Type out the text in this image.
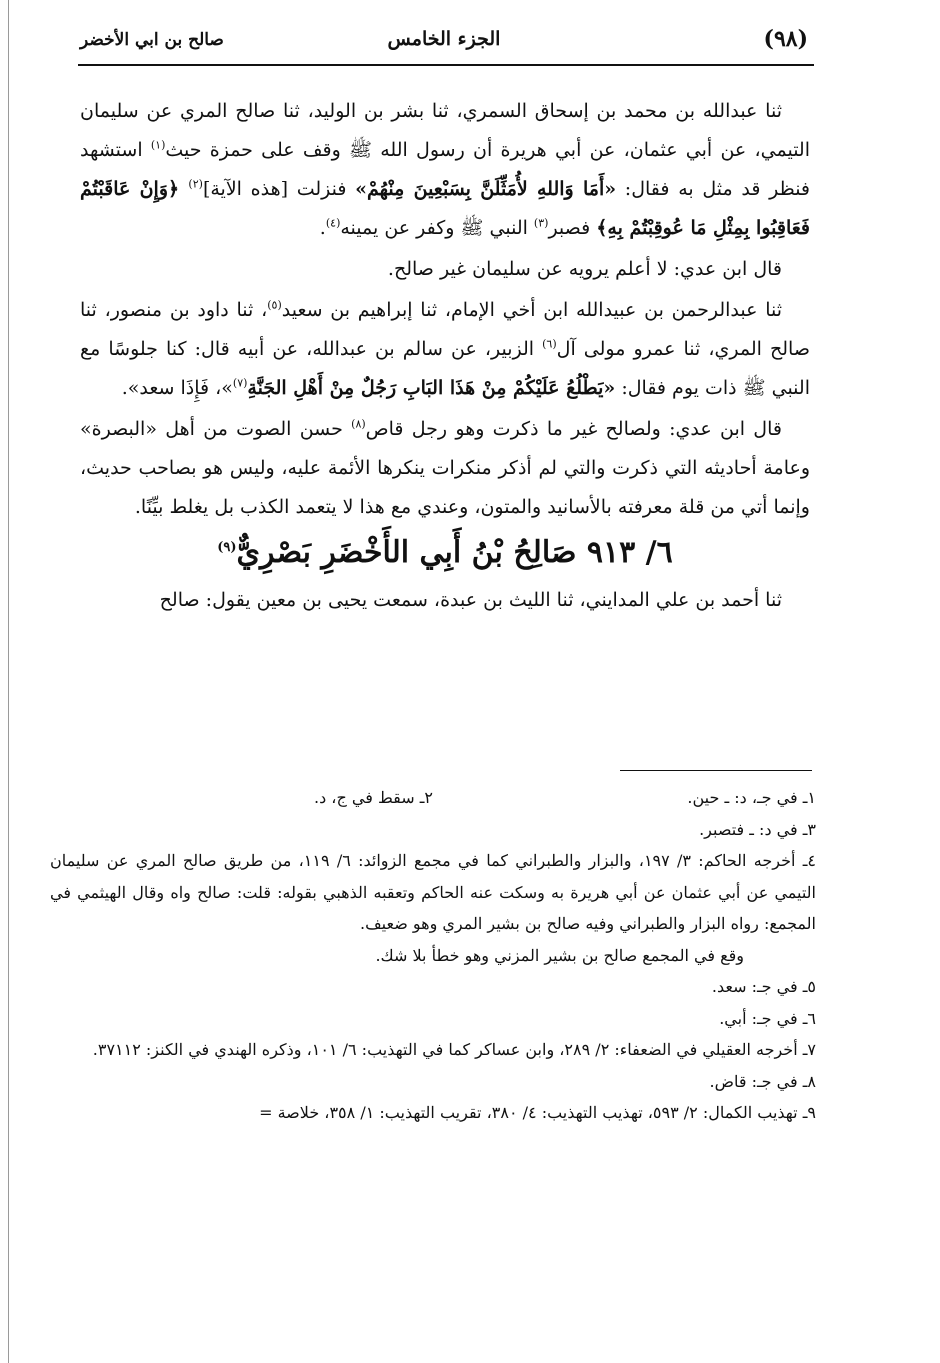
(٩٨)
الجزء الخامس
صالح بن ابي الأخضر

ثنا عبدالله بن محمد بن إسحاق السمري، ثنا بشر بن الوليد، ثنا صالح المري عن سليمان التيمي، عن أبي عثمان، عن أبي هريرة أن رسول الله ﷺ وقف على حمزة حيث$^{(١)}$ استشهد فنظر قد مثل به فقال: «أَمَا وَاللهِ لأُمَثِّلَنَّ بِسَبْعِينَ مِنْهُمْ» فنزلت [هذه الآية]$^{(٢)}$ ﴿وَإِنْ عَاقَبْتُمْ فَعَاقِبُوا بِمِثْلِ مَا عُوقِبْتُمْ بِهِ﴾ فصبر$^{(٣)}$ النبي ﷺ وكفر عن يمينه$^{(٤)}$.

قال ابن عدي: لا أعلم يرويه عن سليمان غير صالح.

ثنا عبدالرحمن بن عبيدالله ابن أخي الإمام، ثنا إبراهيم بن سعيد$^{(٥)}$، ثنا داود بن منصور، ثنا صالح المري، ثنا عمرو مولى آل$^{(٦)}$ الزبير، عن سالم بن عبدالله، عن أبيه قال: كنا جلوسًا مع النبي ﷺ ذات يوم فقال: «يَطْلُعُ عَلَيْكُمْ مِنْ هَذَا البَابِ رَجُلٌ مِنْ أَهْلِ الجَنَّةِ$^{(٧)}$»، فَإِذَا سعد».

قال ابن عدي: ولصالح غير ما ذكرت وهو رجل قاص$^{(٨)}$ حسن الصوت من أهل «البصرة» وعامة أحاديثه التي ذكرت والتي لم أذكر منكرات ينكرها الأئمة عليه، وليس هو بصاحب حديث، وإنما أتي من قلة معرفته بالأسانيد والمتون، وعندي مع هذا لا يتعمد الكذب بل يغلط بيِّنًا.

٦/ ٩١٣ صَالِحُ بْنُ أَبِي الأَخْضَرِ بَصْرِيٌّ$^{(٩)}$

ثنا أحمد بن علي المدايني، ثنا الليث بن عبدة، سمعت يحيى بن معين يقول: صالح

١ـ في جـ، د: ـ حين.

٢ـ سقط في ج، د.

٣ـ في د: ـ فتصبر.

٤ـ أخرجه الحاكم: ٣/ ١٩٧، والبزار والطبراني كما في مجمع الزوائد: ٦/ ١١٩، من طريق صالح المري عن سليمان التيمي عن أبي عثمان عن أبي هريرة به وسكت عنه الحاكم وتعقبه الذهبي بقوله: قلت: صالح واه وقال الهيثمي في المجمع: رواه البزار والطبراني وفيه صالح بن بشير المري وهو ضعيف.

وقع في المجمع صالح بن بشير المزني وهو خطأ بلا شك.

٥ـ في جـ: سعد.

٦ـ في جـ: أبي.

٧ـ أخرجه العقيلي في الضعفاء: ٢/ ٢٨٩، وابن عساكر كما في التهذيب: ٦/ ١٠١، وذكره الهندي في الكنز: ٣٧١١٢.

٨ـ في جـ: قاض.

٩ـ تهذيب الكمال: ٢/ ٥٩٣، تهذيب التهذيب: ٤/ ٣٨٠، تقريب التهذيب: ١/ ٣٥٨، خلاصة =
